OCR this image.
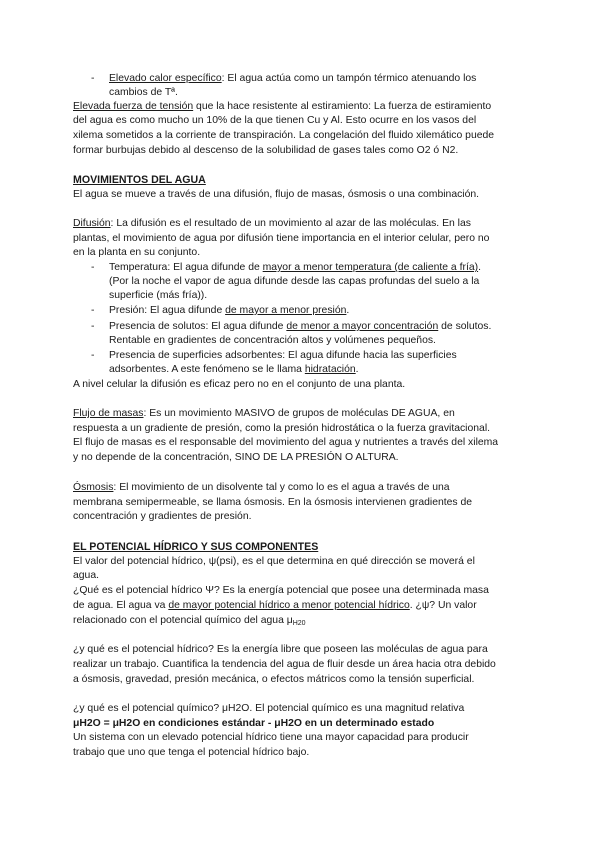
- Elevado calor específico: El agua actúa como un tampón térmico atenuando los
cambios de Tª.
Elevada fuerza de tensión que la hace resistente al estiramiento: La fuerza de estiramiento
del agua es como mucho un 10% de la que tienen Cu y Al. Esto ocurre en los vasos del
xilema sometidos a la corriente de transpiración. La congelación del fluido xilemático puede
formar burbujas debido al descenso de la solubilidad de gases tales como O2 ó N2.
MOVIMIENTOS DEL AGUA
El agua se mueve a través de una difusión, flujo de masas, ósmosis o una combinación.
Difusión: La difusión es el resultado de un movimiento al azar de las moléculas. En las
plantas, el movimiento de agua por difusión tiene importancia en el interior celular, pero no
en la planta en su conjunto.
- Temperatura: El agua difunde de mayor a menor temperatura (de caliente a fría).
(Por la noche el vapor de agua difunde desde las capas profundas del suelo a la
superficie (más fría)).
- Presión: El agua difunde de mayor a menor presión.
- Presencia de solutos: El agua difunde de menor a mayor concentración de solutos.
Rentable en gradientes de concentración altos y volúmenes pequeños.
- Presencia de superficies adsorbentes: El agua difunde hacia las superficies
adsorbentes. A este fenómeno se le llama hidratación.
A nivel celular la difusión es eficaz pero no en el conjunto de una planta.
Flujo de masas: Es un movimiento MASIVO de grupos de moléculas DE AGUA, en
respuesta a un gradiente de presión, como la presión hidrostática o la fuerza gravitacional.
El flujo de masas es el responsable del movimiento del agua y nutrientes a través del xilema
y no depende de la concentración, SINO DE LA PRESIÓN O ALTURA.
Ósmosis: El movimiento de un disolvente tal y como lo es el agua a través de una
membrana semipermeable, se llama ósmosis. En la ósmosis intervienen gradientes de
concentración y gradientes de presión.
EL POTENCIAL HÍDRICO Y SUS COMPONENTES
El valor del potencial hídrico, ψ(psi), es el que determina en qué dirección se moverá el
agua.
¿Qué es el potencial hídrico Ψ? Es la energía potencial que posee una determinada masa
de agua. El agua va de mayor potencial hídrico a menor potencial hídrico. ¿ψ? Un valor
relacionado con el potencial químico del agua $\mu_{H20}$
¿y qué es el potencial hídrico? Es la energía libre que poseen las moléculas de agua para
realizar un trabajo. Cuantifica la tendencia del agua de fluir desde un área hacia otra debido
a ósmosis, gravedad, presión mecánica, o efectos mátricos como la tensión superficial.
¿y qué es el potencial químico? μH2O. El potencial químico es una magnitud relativa
μH2O = μH2O en condiciones estándar - μH2O en un determinado estado
Un sistema con un elevado potencial hídrico tiene una mayor capacidad para producir
trabajo que uno que tenga el potencial hídrico bajo.
